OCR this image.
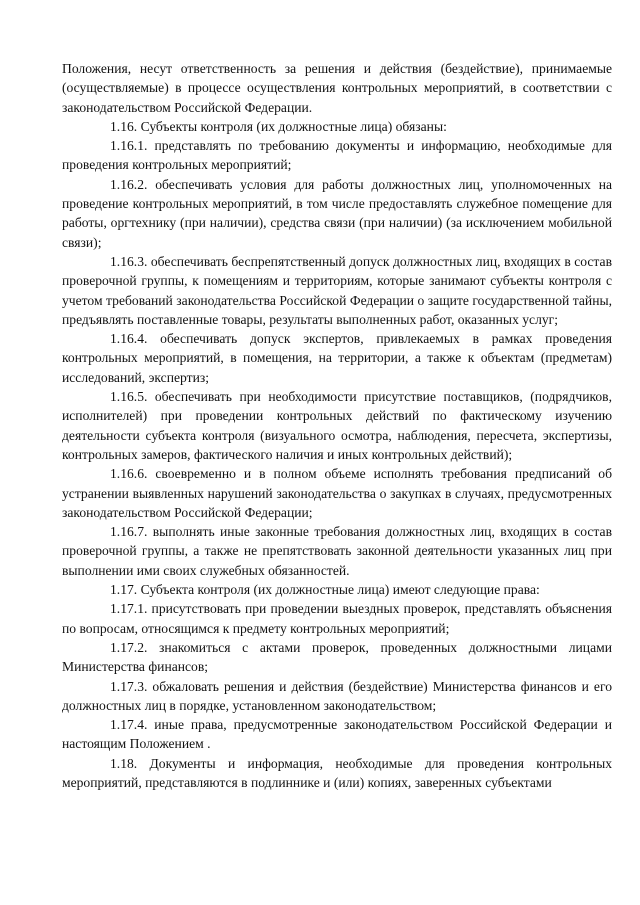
Положения, несут ответственность за решения и действия (бездействие), принимаемые (осуществляемые) в процессе осуществления контрольных мероприятий, в соответствии с законодательством Российской Федерации.

1.16. Субъекты контроля (их должностные лица) обязаны:

1.16.1. представлять по требованию документы и информацию, необходимые для проведения контрольных мероприятий;

1.16.2. обеспечивать условия для работы должностных лиц, уполномоченных на проведение контрольных мероприятий, в том числе предоставлять служебное помещение для работы, оргтехнику (при наличии), средства связи (при наличии) (за исключением мобильной связи);

1.16.3. обеспечивать беспрепятственный допуск должностных лиц, входящих в состав проверочной группы, к помещениям и территориям, которые занимают субъекты контроля с учетом требований законодательства Российской Федерации о защите государственной тайны, предъявлять поставленные товары, результаты выполненных работ, оказанных услуг;

1.16.4. обеспечивать допуск экспертов, привлекаемых в рамках проведения контрольных мероприятий, в помещения, на территории, а также к объектам (предметам) исследований, экспертиз;

1.16.5. обеспечивать при необходимости присутствие поставщиков, (подрядчиков, исполнителей) при проведении контрольных действий по фактическому изучению деятельности субъекта контроля (визуального осмотра, наблюдения, пересчета, экспертизы, контрольных замеров, фактического наличия и иных контрольных действий);

1.16.6. своевременно и в полном объеме исполнять требования предписаний об устранении выявленных нарушений законодательства о закупках в случаях, предусмотренных законодательством Российской Федерации;

1.16.7. выполнять иные законные требования должностных лиц, входящих в состав проверочной группы, а также не препятствовать законной деятельности указанных лиц при выполнении ими своих служебных обязанностей.

1.17. Субъекта контроля (их должностные лица) имеют следующие права:

1.17.1. присутствовать при проведении выездных проверок, представлять объяснения по вопросам, относящимся к предмету контрольных мероприятий;

1.17.2. знакомиться с актами проверок, проведенных должностными лицами Министерства финансов;

1.17.3. обжаловать решения и действия (бездействие) Министерства финансов и его должностных лиц в порядке, установленном законодательством;

1.17.4. иные права, предусмотренные законодательством Российской Федерации и настоящим Положением .

1.18. Документы и информация, необходимые для проведения контрольных мероприятий, представляются в подлиннике и (или) копиях, заверенных субъектами
